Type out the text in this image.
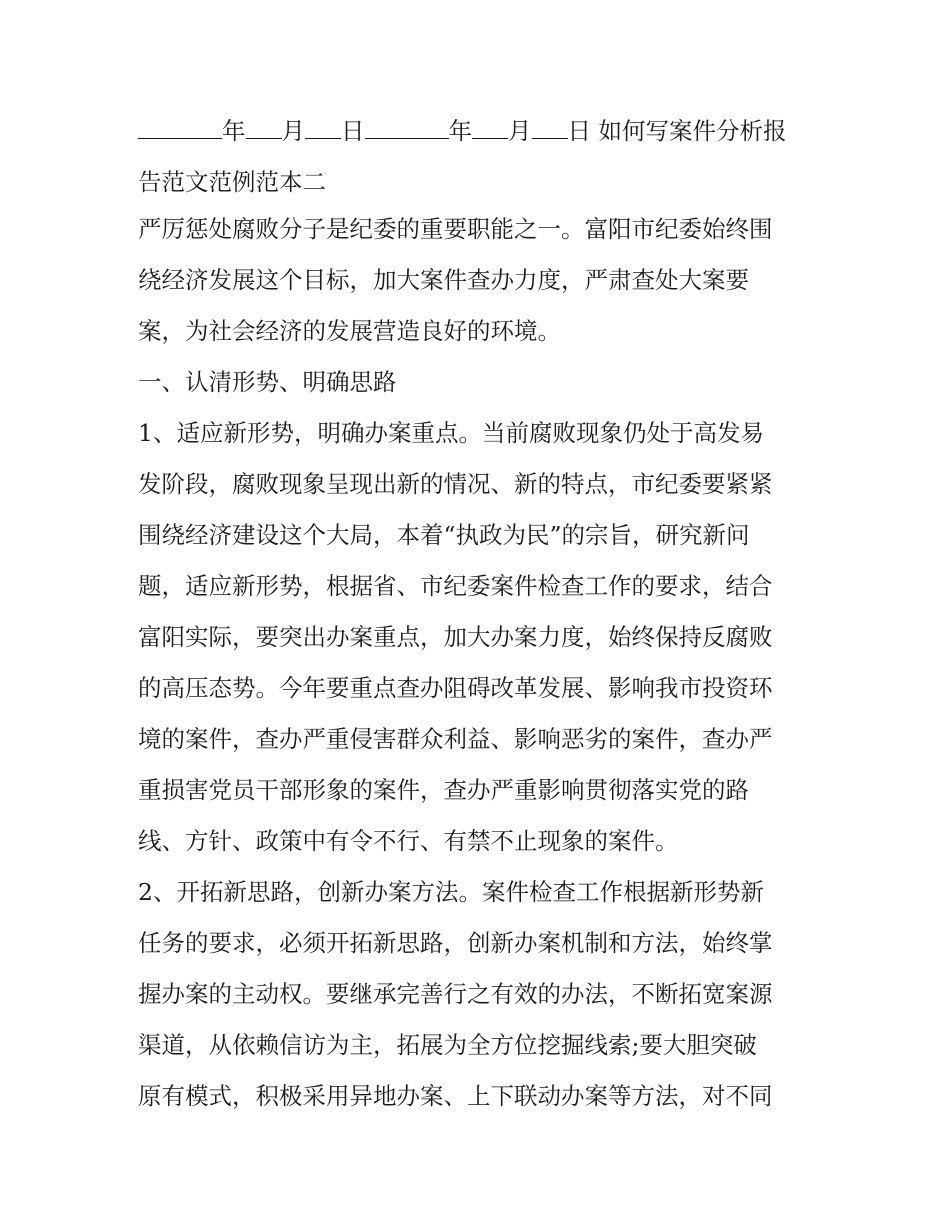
年 月 日	年 月 日 如何写案件分析报
告范文范例范本二
严厉惩处腐败分子是纪委的重要职能之一。富阳市纪委始终围
绕经济发展这个目标，加大案件查办力度，严肃查处大案要
案，为社会经济的发展营造良好的环境。
一、认清形势、明确思路
1、适应新形势，明确办案重点。当前腐败现象仍处于高发易
发阶段，腐败现象呈现出新的情况、新的特点，市纪委要紧紧
围绕经济建设这个大局，本着“执政为民”的宗旨，研究新问
题，适应新形势，根据省、市纪委案件检查工作的要求，结合
富阳实际，要突出办案重点，加大办案力度，始终保持反腐败
的高压态势。今年要重点查办阻碍改革发展、影响我市投资环
境的案件，查办严重侵害群众利益、影响恶劣的案件，查办严
重损害党员干部形象的案件，查办严重影响贯彻落实党的路
线、方针、政策中有令不行、有禁不止现象的案件。
2、开拓新思路，创新办案方法。案件检查工作根据新形势新
任务的要求，必须开拓新思路，创新办案机制和方法，始终掌
握办案的主动权。要继承完善行之有效的办法，不断拓宽案源
渠道，从依赖信访为主，拓展为全方位挖掘线索;要大胆突破
原有模式，积极采用异地办案、上下联动办案等方法，对不同
